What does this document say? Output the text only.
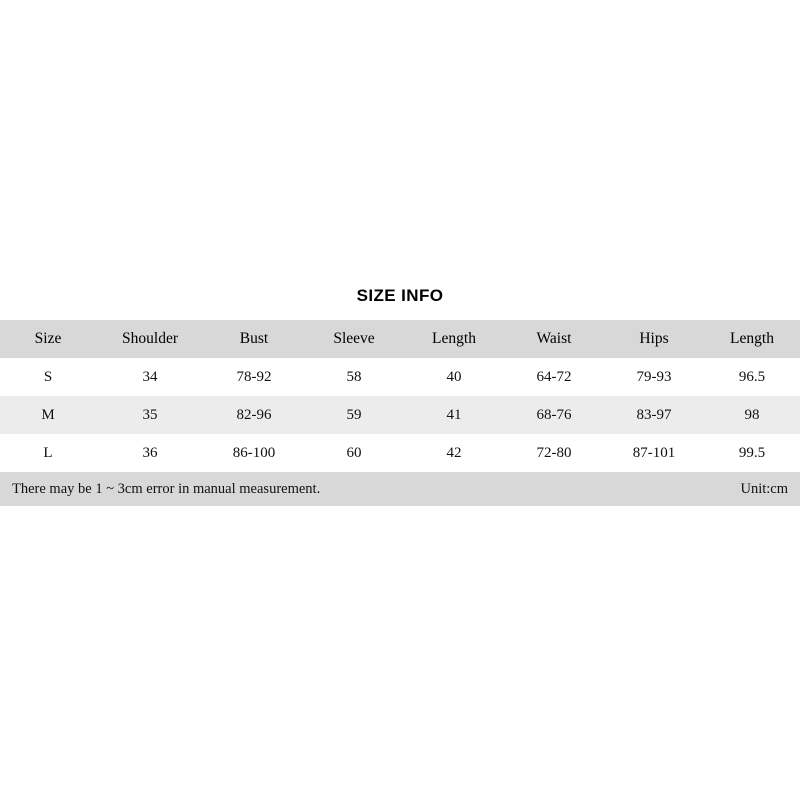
SIZE INFO
Size	Shoulder	Bust	Sleeve	Length	Waist	Hips	Length
S	34	78-92	58	40	64-72	79-93	96.5
M	35	82-96	59	41	68-76	83-97	98
L	36	86-100	60	42	72-80	87-101	99.5

There may be 1 ~ 3cm error in manual measurement. Unit:cm							
